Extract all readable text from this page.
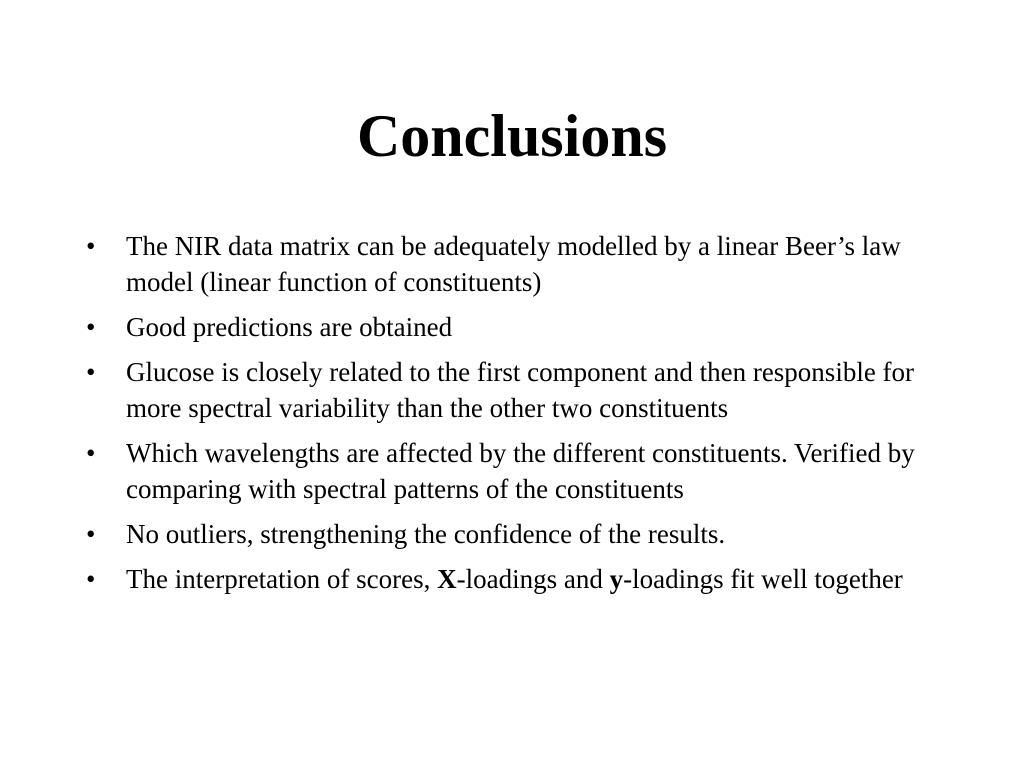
Conclusions
• The NIR data matrix can be adequately modelled by a linear Beer’s law model (linear function of constituents)
• Good predictions are obtained
• Glucose is closely related to the first component and then responsible for more spectral variability than the other two constituents
• Which wavelengths are affected by the different constituents. Verified by comparing with spectral patterns of the constituents
• No outliers, strengthening the confidence of the results.
• The interpretation of scores, X-loadings and y-loadings fit well together
